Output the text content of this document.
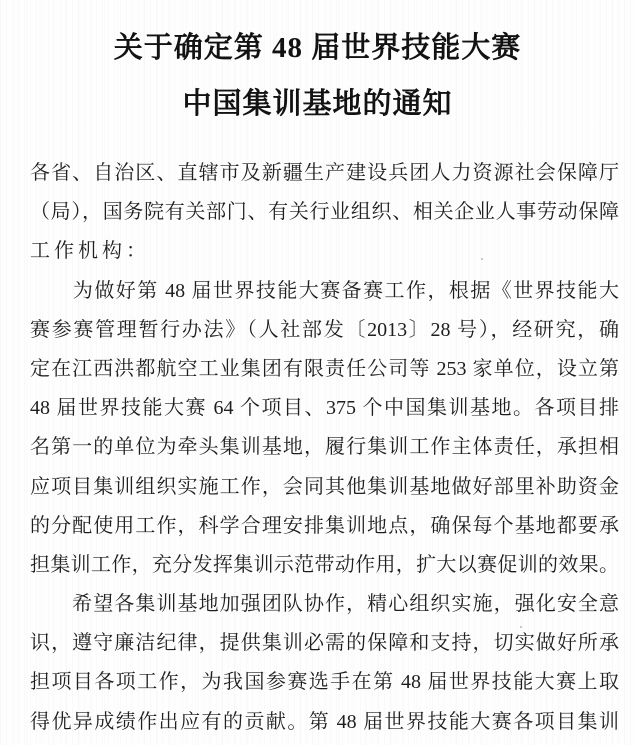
关于确定第 48 届世界技能大赛
中国集训基地的通知
各省、自治区、直辖市及新疆生产建设兵团人力资源社会保障厅
（局），国务院有关部门、有关行业组织、相关企业人事劳动保障
工作机构：
　　为做好第 48 届世界技能大赛备赛工作，根据《世界技能大
赛参赛管理暂行办法》（人社部发〔2013〕28 号），经研究，确
定在江西洪都航空工业集团有限责任公司等 253 家单位，设立第
48 届世界技能大赛 64 个项目、375 个中国集训基地。各项目排
名第一的单位为牵头集训基地，履行集训工作主体责任，承担相
应项目集训组织实施工作，会同其他集训基地做好部里补助资金
的分配使用工作，科学合理安排集训地点，确保每个基地都要承
担集训工作，充分发挥集训示范带动作用，扩大以赛促训的效果。
　　希望各集训基地加强团队协作，精心组织实施，强化安全意
识，遵守廉洁纪律，提供集训必需的保障和支持，切实做好所承
担项目各项工作，为我国参赛选手在第 48 届世界技能大赛上取
得优异成绩作出应有的贡献。第 48 届世界技能大赛各项目集训
